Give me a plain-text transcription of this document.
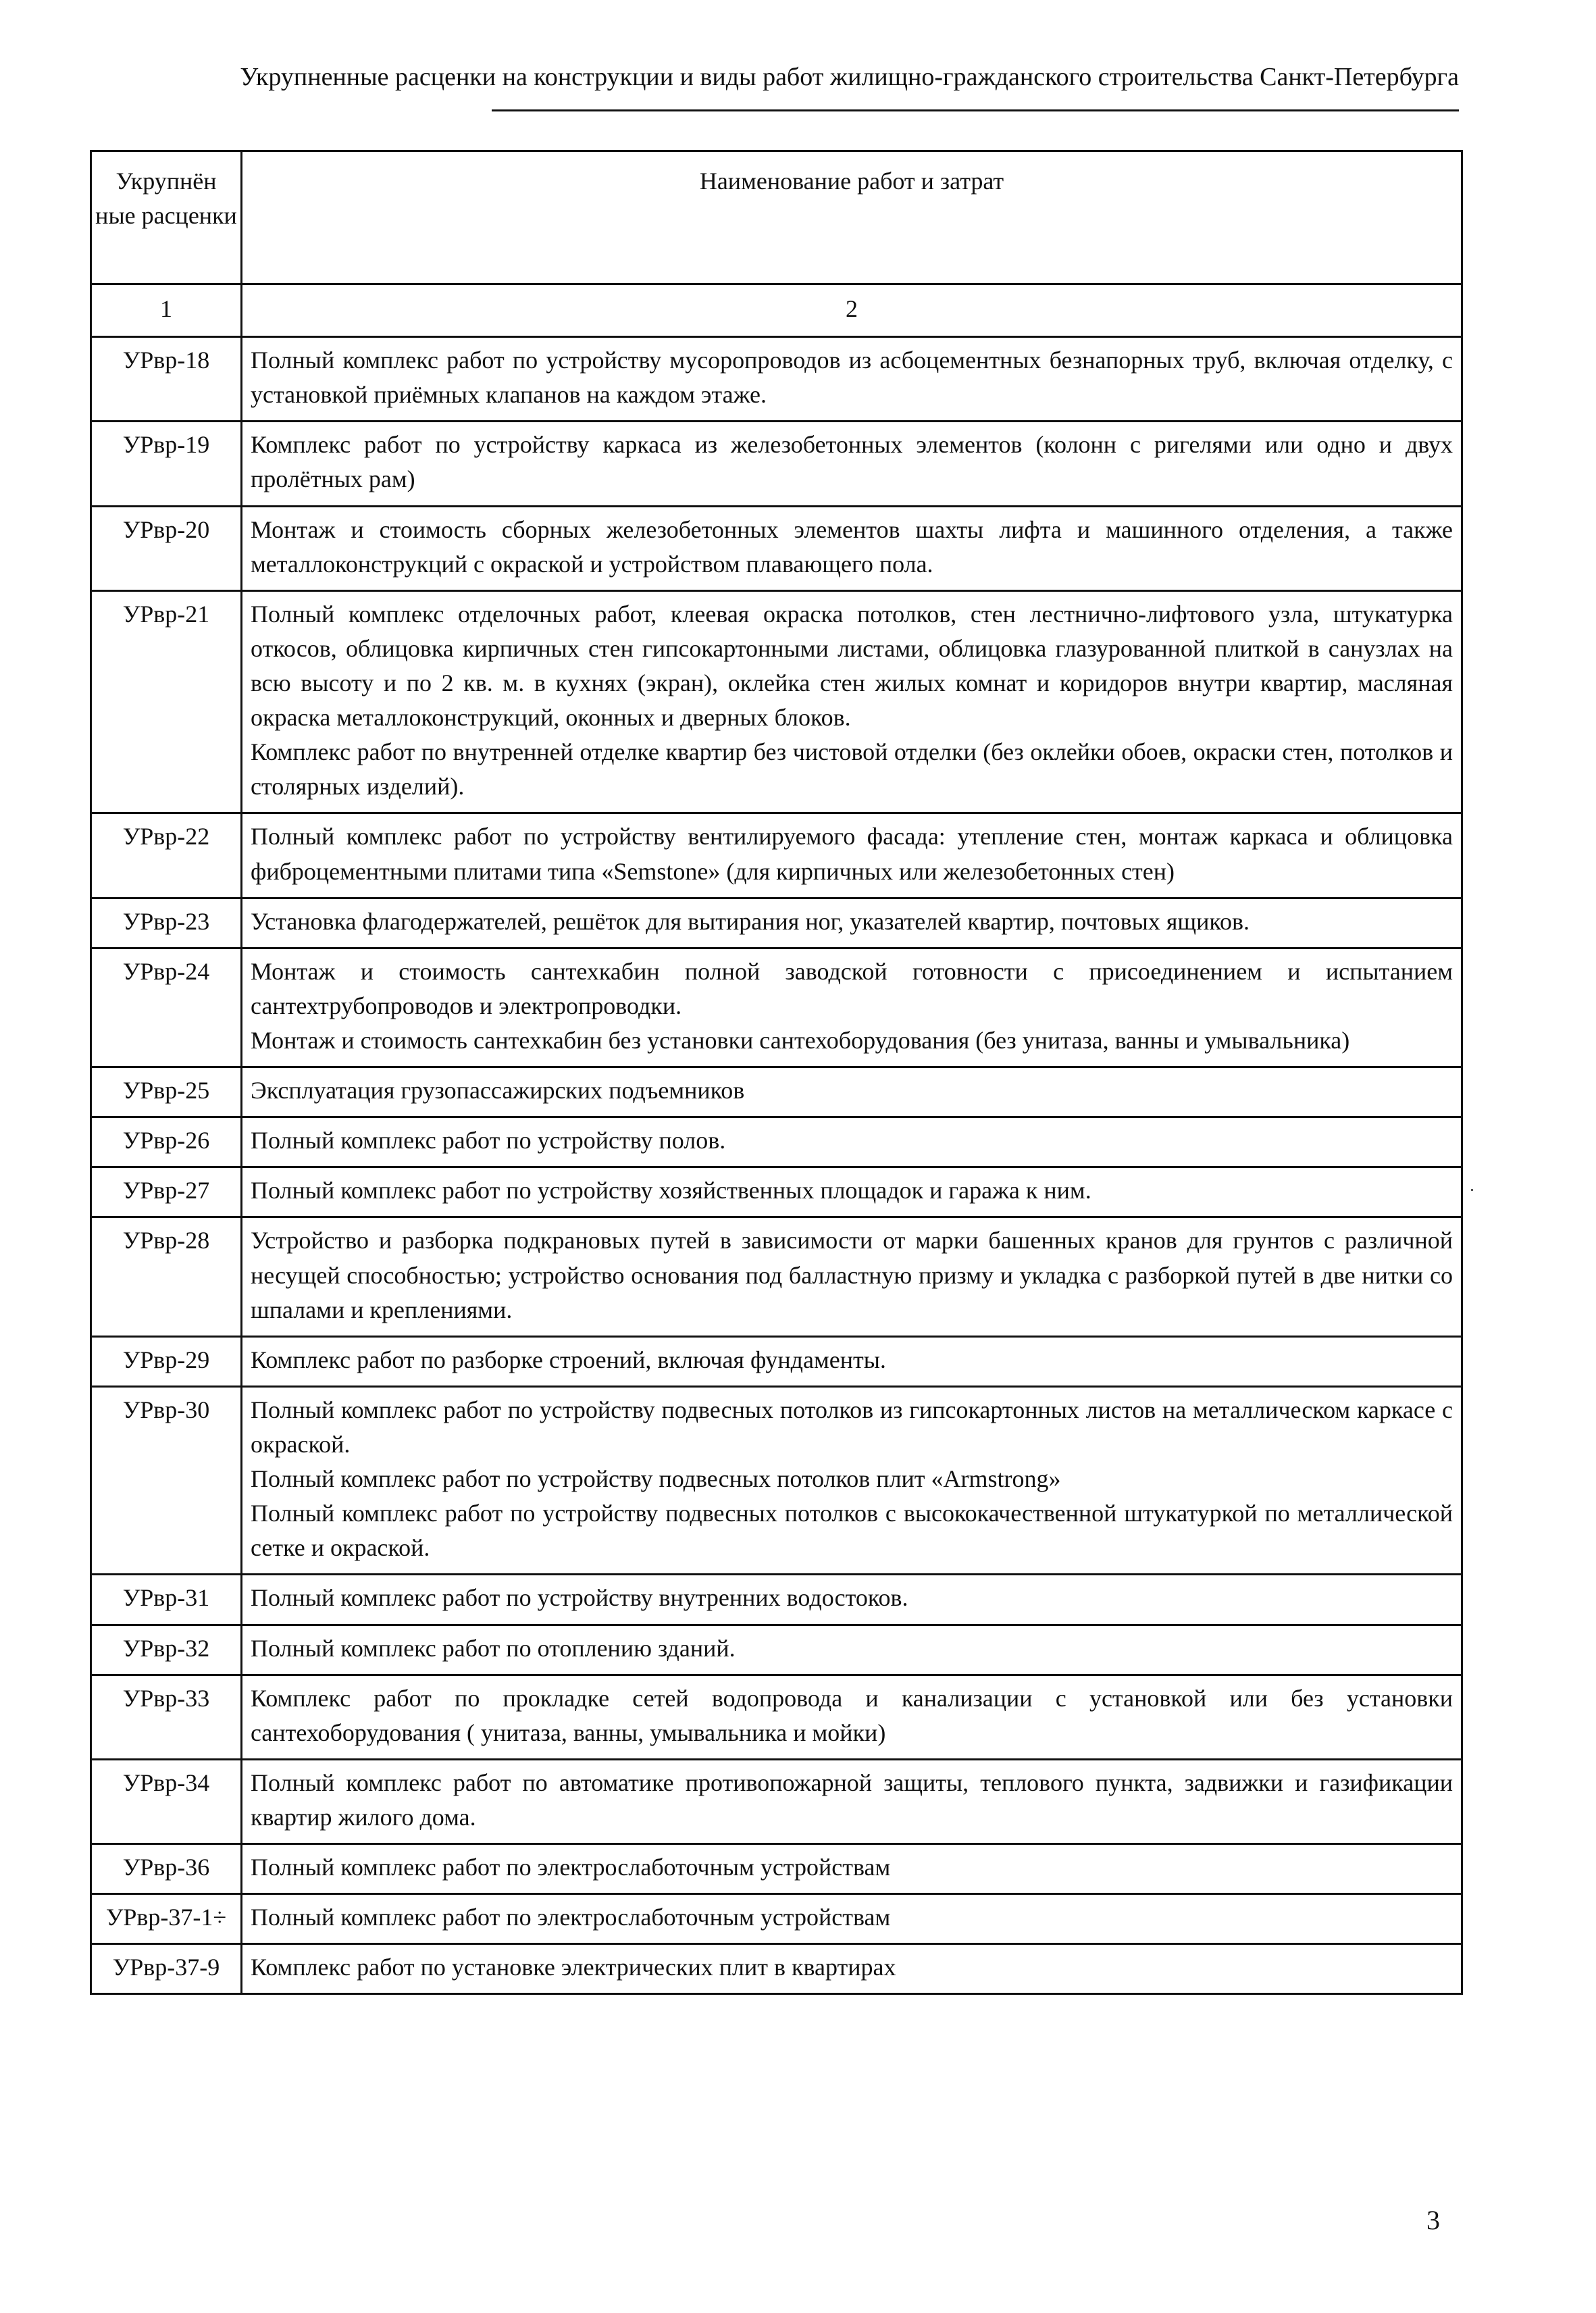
Укрупненные расценки на конструкции и виды работ жилищно-гражданского строительства Санкт-Петербурга
Укрупнён ные расценки	Наименование работ и затрат
1	2
УРвр-18	Полный комплекс работ по устройству мусоропроводов из асбоцементных безнапорных труб, включая отделку, с установкой приёмных клапанов на каждом этаже.

УРвр-19	Комплекс работ по устройству каркаса из железобетонных элементов (колонн с ригелями или одно и двух пролётных рам)

УРвр-20	Монтаж и стоимость сборных железобетонных элементов шахты лифта и машинного отделения, а также металлоконструкций с окраской и устройством плавающего пола.

УРвр-21	Полный комплекс отделочных работ, клеевая окраска потолков, стен лестнично-лифтового узла, штукатурка откосов, облицовка кирпичных стен гипсокартонными листами, облицовка глазурованной плиткой в санузлах на всю высоту и по 2 кв. м. в кухнях (экран), оклейка стен жилых комнат и коридоров внутри квартир, масляная окраска металлоконструкций, оконных и дверных блоков.
Комплекс работ по внутренней отделке квартир без чистовой отделки (без оклейки обоев, окраски стен, потолков и столярных изделий).

УРвр-22	Полный комплекс работ по устройству вентилируемого фасада: утепление стен, монтаж каркаса и облицовка фиброцементными плитами типа «Semstone» (для кирпичных или железобетонных стен)

УРвр-23	Установка флагодержателей, решёток для вытирания ног, указателей квартир, почтовых ящиков.

УРвр-24	Монтаж и стоимость сантехкабин полной заводской готовности с присоединением и испытанием сантехтрубопроводов и электропроводки.
Монтаж и стоимость сантехкабин без установки сантехоборудования (без унитаза, ванны и умывальника)

УРвр-25	Эксплуатация грузопассажирских подъемников

УРвр-26	Полный комплекс работ по устройству полов.

УРвр-27	Полный комплекс работ по устройству хозяйственных площадок и гаража к ним.

УРвр-28	Устройство и разборка подкрановых путей в зависимости от марки башенных кранов для грунтов с различной несущей способностью; устройство основания под балластную призму и укладка с разборкой путей в две нитки со шпалами и креплениями.

УРвр-29	Комплекс работ по разборке строений, включая фундаменты.

УРвр-30	Полный комплекс работ по устройству подвесных потолков из гипсокартонных листов на металлическом каркасе с окраской.
Полный комплекс работ по устройству подвесных потолков плит «Armstrong»
Полный комплекс работ по устройству подвесных потолков с высококачественной штукатуркой по металлической сетке и окраской.

УРвр-31	Полный комплекс работ по устройству внутренних водостоков.

УРвр-32	Полный комплекс работ по отоплению зданий.

УРвр-33	Комплекс работ по прокладке сетей водопровода и канализации с установкой или без установки сантехоборудования ( унитаза, ванны, умывальника и мойки)

УРвр-34	Полный комплекс работ по автоматике противопожарной защиты, теплового пункта, задвижки и газификации квартир жилого дома.

УРвр-36	Полный комплекс работ по электрослаботочным устройствам

УРвр-37-1÷	Полный комплекс работ по электрослаботочным устройствам

УРвр-37-9	Комплекс работ по установке электрических плит в квартирах
3
